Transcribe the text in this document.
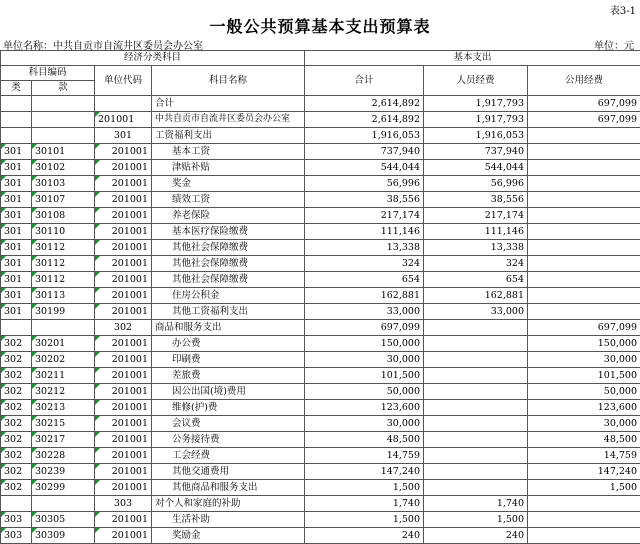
表3-1
一般公共预算基本支出预算表
单位名称：中共自贡市自流井区委员会办公室	单位：元
经济分类科目				基本支出		
科目编码		单位代码	科目名称	合计	人员经费	公用经费
类	款					
			合计	2,614,892	1,917,793	697,099
		201001	中共自贡市自流井区委员会办公室	2,614,892	1,917,793	697,099
		301	工资福利支出	1,916,053	1,916,053	
301	30101	201001	基本工资	737,940	737,940	
301	30102	201001	津贴补贴	544,044	544,044	
301	30103	201001	奖金	56,996	56,996	
301	30107	201001	绩效工资	38,556	38,556	
301	30108	201001	养老保险	217,174	217,174	
301	30110	201001	基本医疗保险缴费	111,146	111,146	
301	30112	201001	其他社会保障缴费	13,338	13,338	
301	30112	201001	其他社会保障缴费	324	324	
301	30112	201001	其他社会保障缴费	654	654	
301	30113	201001	住房公积金	162,881	162,881	
301	30199	201001	其他工资福利支出	33,000	33,000	
		302	商品和服务支出	697,099		697,099
302	30201	201001	办公费	150,000		150,000
302	30202	201001	印刷费	30,000		30,000
302	30211	201001	差旅费	101,500		101,500
302	30212	201001	因公出国(境)费用	50,000		50,000
302	30213	201001	维修(护)费	123,600		123,600
302	30215	201001	会议费	30,000		30,000
302	30217	201001	公务接待费	48,500		48,500
302	30228	201001	工会经费	14,759		14,759
302	30239	201001	其他交通费用	147,240		147,240
302	30299	201001	其他商品和服务支出	1,500		1,500
		303	对个人和家庭的补助	1,740	1,740	
303	30305	201001	生活补助	1,500	1,500	
303	30309	201001	奖励金	240	240	
